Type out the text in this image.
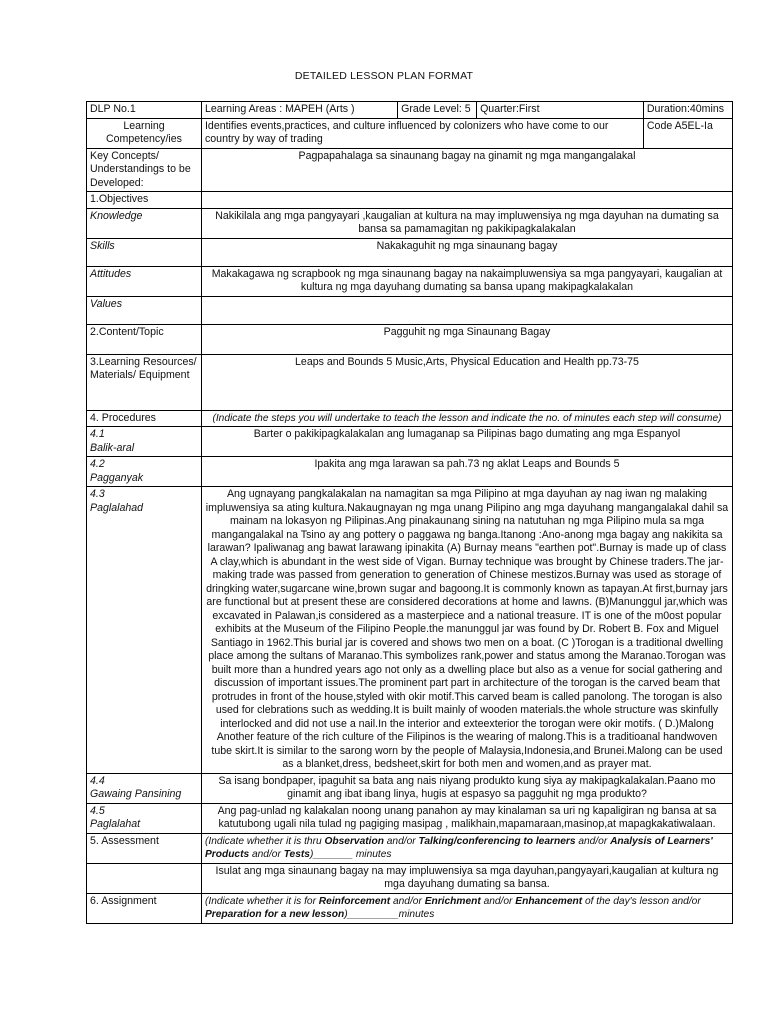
DETAILED LESSON PLAN FORMAT
DLP No.1	Learning Areas : MAPEH (Arts )	Grade Level: 5	Quarter:First	Duration:40mins
Learning Competency/ies	Identifies events,practices, and culture influenced by colonizers who have come to our country by way of trading			Code A5EL-Ia
Key Concepts/ Understandings to be Developed:	Pagpapahalaga sa sinaunang bagay na ginamit ng mga mangangalakal			
1.Objectives				
Knowledge	Nakikilala ang mga pangyayari ,kaugalian at kultura na may impluwensiya ng mga dayuhan na dumating sa bansa sa pamamagitan ng pakikipagkalakalan			
Skills	Nakakaguhit ng mga sinaunang bagay			
Attitudes	Makakagawa ng scrapbook ng mga sinaunang bagay na nakaimpluwensiya sa mga pangyayari, kaugalian at kultura ng mga dayuhang dumating sa bansa upang makipagkalakalan			
Values				
2.Content/Topic	Pagguhit ng mga Sinaunang Bagay			
3.Learning Resources/ Materials/ Equipment	Leaps and Bounds 5 Music,Arts, Physical Education and Health pp.73-75			
4. Procedures	(Indicate the steps you will undertake to teach the lesson and indicate the no. of minutes each step will consume)			
4.1
Balik-aral	Barter o pakikipagkalakalan ang lumaganap sa Pilipinas bago dumating ang mga Espanyol			
4.2
Pagganyak	Ipakita ang mga larawan sa pah.73 ng aklat Leaps and Bounds 5			
4.3
Paglalahad	Ang ugnayang pangkalakalan na namagitan sa mga Pilipino at mga dayuhan ay nag iwan ng malaking impluwensiya sa ating kultura.Nakaugnayan ng mga unang Pilipino ang mga dayuhang mangangalakal dahil sa mainam na lokasyon ng Pilipinas.Ang pinakaunang sining na natutuhan ng mga Pilipino mula sa mga mangangalakal na Tsino ay ang pottery o paggawa ng banga.Itanong :Ano-anong mga bagay ang nakikita sa larawan? Ipaliwanag ang bawat larawang ipinakita (A) Burnay means "earthen pot".Burnay is made up of class A clay,which is abundant in the west side of Vigan. Burnay technique was brought by Chinese traders.The jar-making trade was passed from generation to generation of Chinese mestizos.Burnay was used as storage of dringking water,sugarcane wine,brown sugar and bagoong.It is commonly known as tapayan.At first,burnay jars are functional but at present these are considered decorations at home and lawns. (B)Manunggul jar,which was excavated in Palawan,is considered as a masterpiece and a national treasure. IT is one of the m0ost popular exhibits at the Museum of the Filipino People.the manunggul jar was found by Dr. Robert B. Fox and Miguel Santiago in 1962.This burial jar is covered and shows two men on a boat. (C )Torogan is a traditional dwelling place among the sultans of Maranao.This symbolizes rank,power and status among the Maranao.Torogan was built more than a hundred years ago not only as a dwelling place but also as a venue for social gathering and discussion of important issues.The prominent part part in architecture of the torogan is the carved beam that protrudes in front of the house,styled with okir motif.This carved beam is called panolong. The torogan is also used for clebrations such as wedding.It is built mainly of wooden materials.the whole structure was skinfully interlocked and did not use a nail.In the interior and exteexterior the torogan were okir motifs. ( D.)Malong Another feature of the rich culture of the Filipinos is the wearing of malong.This is a traditioanal handwoven tube skirt.It is similar to the sarong worn by the people of Malaysia,Indonesia,and Brunei.Malong can be used as a blanket,dress, bedsheet,skirt for both men and women,and as prayer mat.			
4.4
Gawaing Pansining	Sa isang bondpaper, ipaguhit sa bata ang nais niyang produkto kung siya ay makipagkalakalan.Paano mo ginamit ang ibat ibang linya, hugis at espasyo sa pagguhit ng mga produkto?			
4.5
Paglalahat	Ang pag-unlad ng kalakalan noong unang panahon ay may kinalaman sa uri ng kapaligiran ng bansa at sa katutubong ugali nila tulad ng pagiging masipag , malikhain,mapamaraan,masinop,at mapagkakatiwalaan.			
5. Assessment	(Indicate whether it is thru Observation and/or Talking/conferencing to learners and/or Analysis of Learners' Products and/or Tests)_______ minutes			
	Isulat ang mga sinaunang bagay na may impluwensiya sa mga dayuhan,pangyayari,kaugalian at kultura ng mga dayuhang dumating sa bansa.			
6. Assignment	(Indicate whether it is for Reinforcement and/or Enrichment and/or Enhancement of the day's lesson and/or Preparation for a new lesson)_________minutes			
